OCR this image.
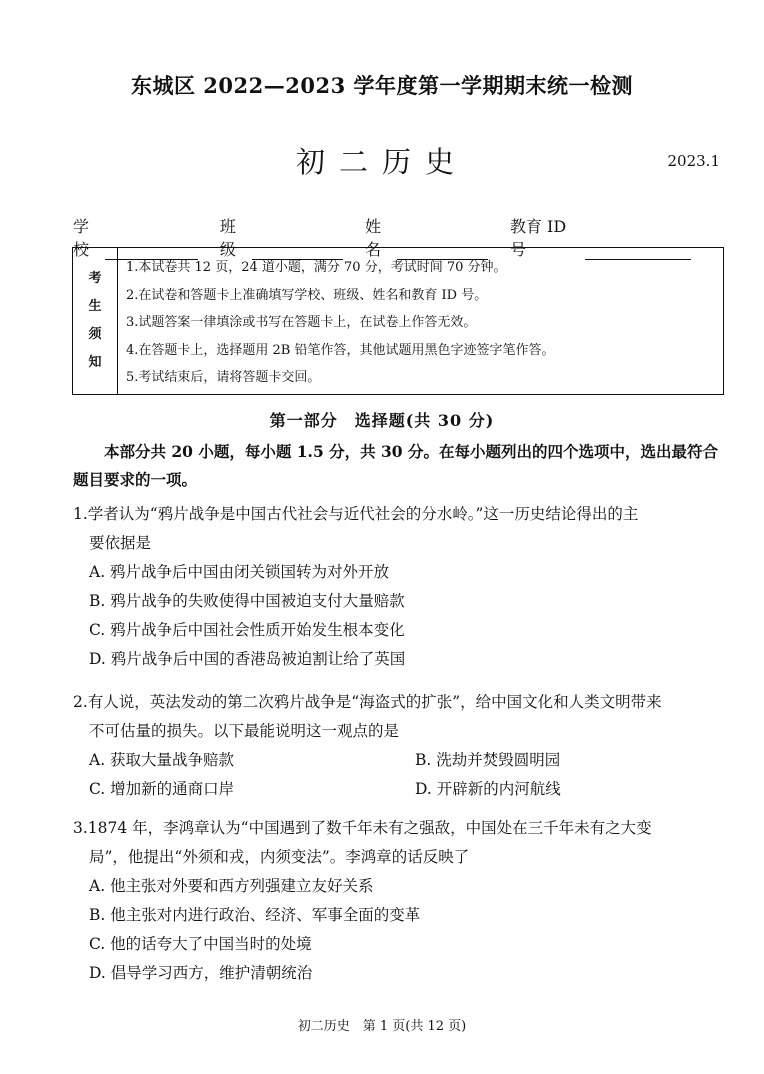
东城区 2022—2023 学年度第一学期期末统一检测
初二历史	2023.1
学校
班级
姓名
教育 ID 号
考
生
须
知
1.本试卷共 12 页，24 道小题，满分 70 分，考试时间 70 分钟。
2.在试卷和答题卡上准确填写学校、班级、姓名和教育 ID 号。
3.试题答案一律填涂或书写在答题卡上，在试卷上作答无效。
4.在答题卡上，选择题用 2B 铅笔作答，其他试题用黑色字迹签字笔作答。
5.考试结束后，请将答题卡交回。
第一部分　选择题(共 30 分)
本部分共 20 小题，每小题 1.5 分，共 30 分。在每小题列出的四个选项中，选出最符合题目要求的一项。
1.学者认为“鸦片战争是中国古代社会与近代社会的分水岭。”这一历史结论得出的主
要依据是
A. 鸦片战争后中国由闭关锁国转为对外开放
B. 鸦片战争的失败使得中国被迫支付大量赔款
C. 鸦片战争后中国社会性质开始发生根本变化
D. 鸦片战争后中国的香港岛被迫割让给了英国
2.有人说，英法发动的第二次鸦片战争是“海盗式的扩张”，给中国文化和人类文明带来
不可估量的损失。以下最能说明这一观点的是
A. 获取大量战争赔款	B. 洗劫并焚毁圆明园
C. 增加新的通商口岸	D. 开辟新的内河航线
3.1874 年，李鸿章认为“中国遇到了数千年未有之强敌，中国处在三千年未有之大变
局”，他提出“外须和戎，内须变法”。李鸿章的话反映了
A. 他主张对外要和西方列强建立友好关系
B. 他主张对内进行政治、经济、军事全面的变革
C. 他的话夸大了中国当时的处境
D. 倡导学习西方，维护清朝统治
初二历史　第 1 页(共 12 页)
